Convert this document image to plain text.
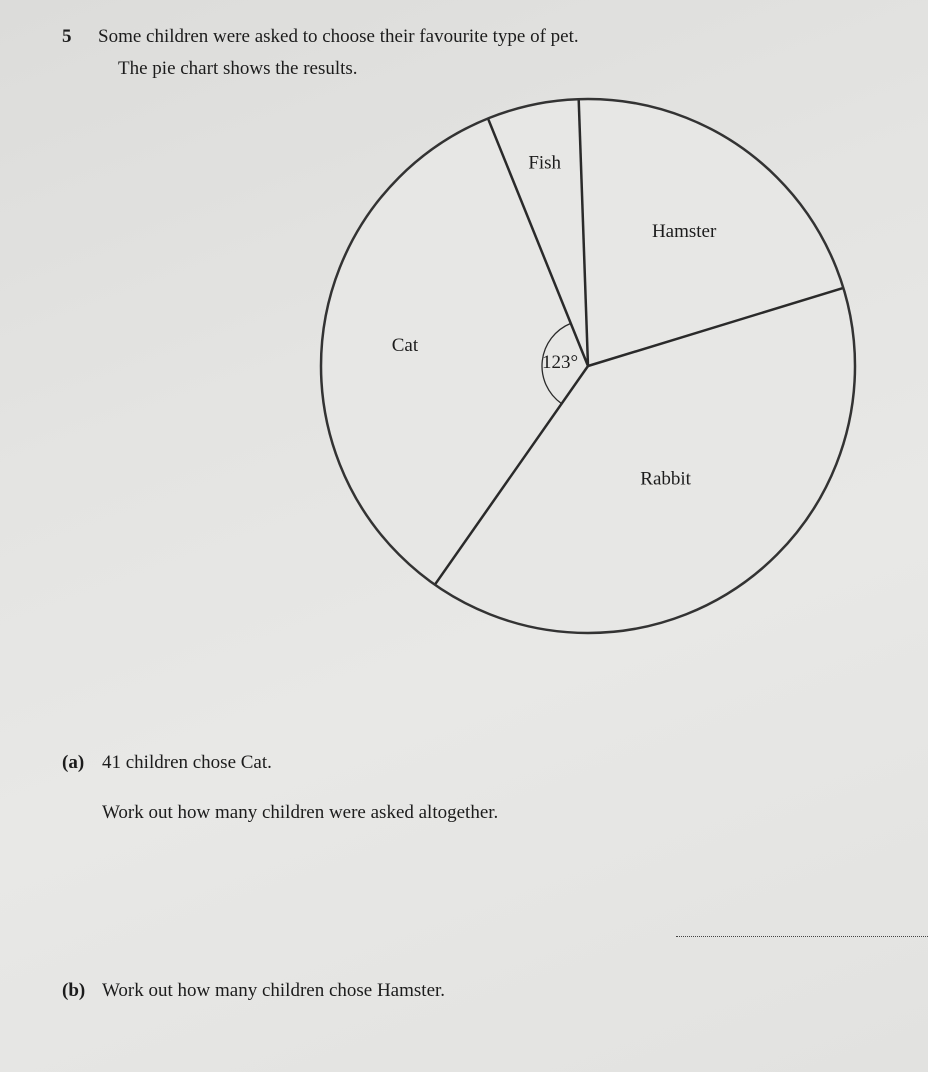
5 Some children were asked to choose their favourite type of pet.
The pie chart shows the results.
123°
Fish
Hamster
Rabbit
Cat
(a) 41 children chose Cat.
Work out how many children were asked altogether.
(b) Work out how many children chose Hamster.
